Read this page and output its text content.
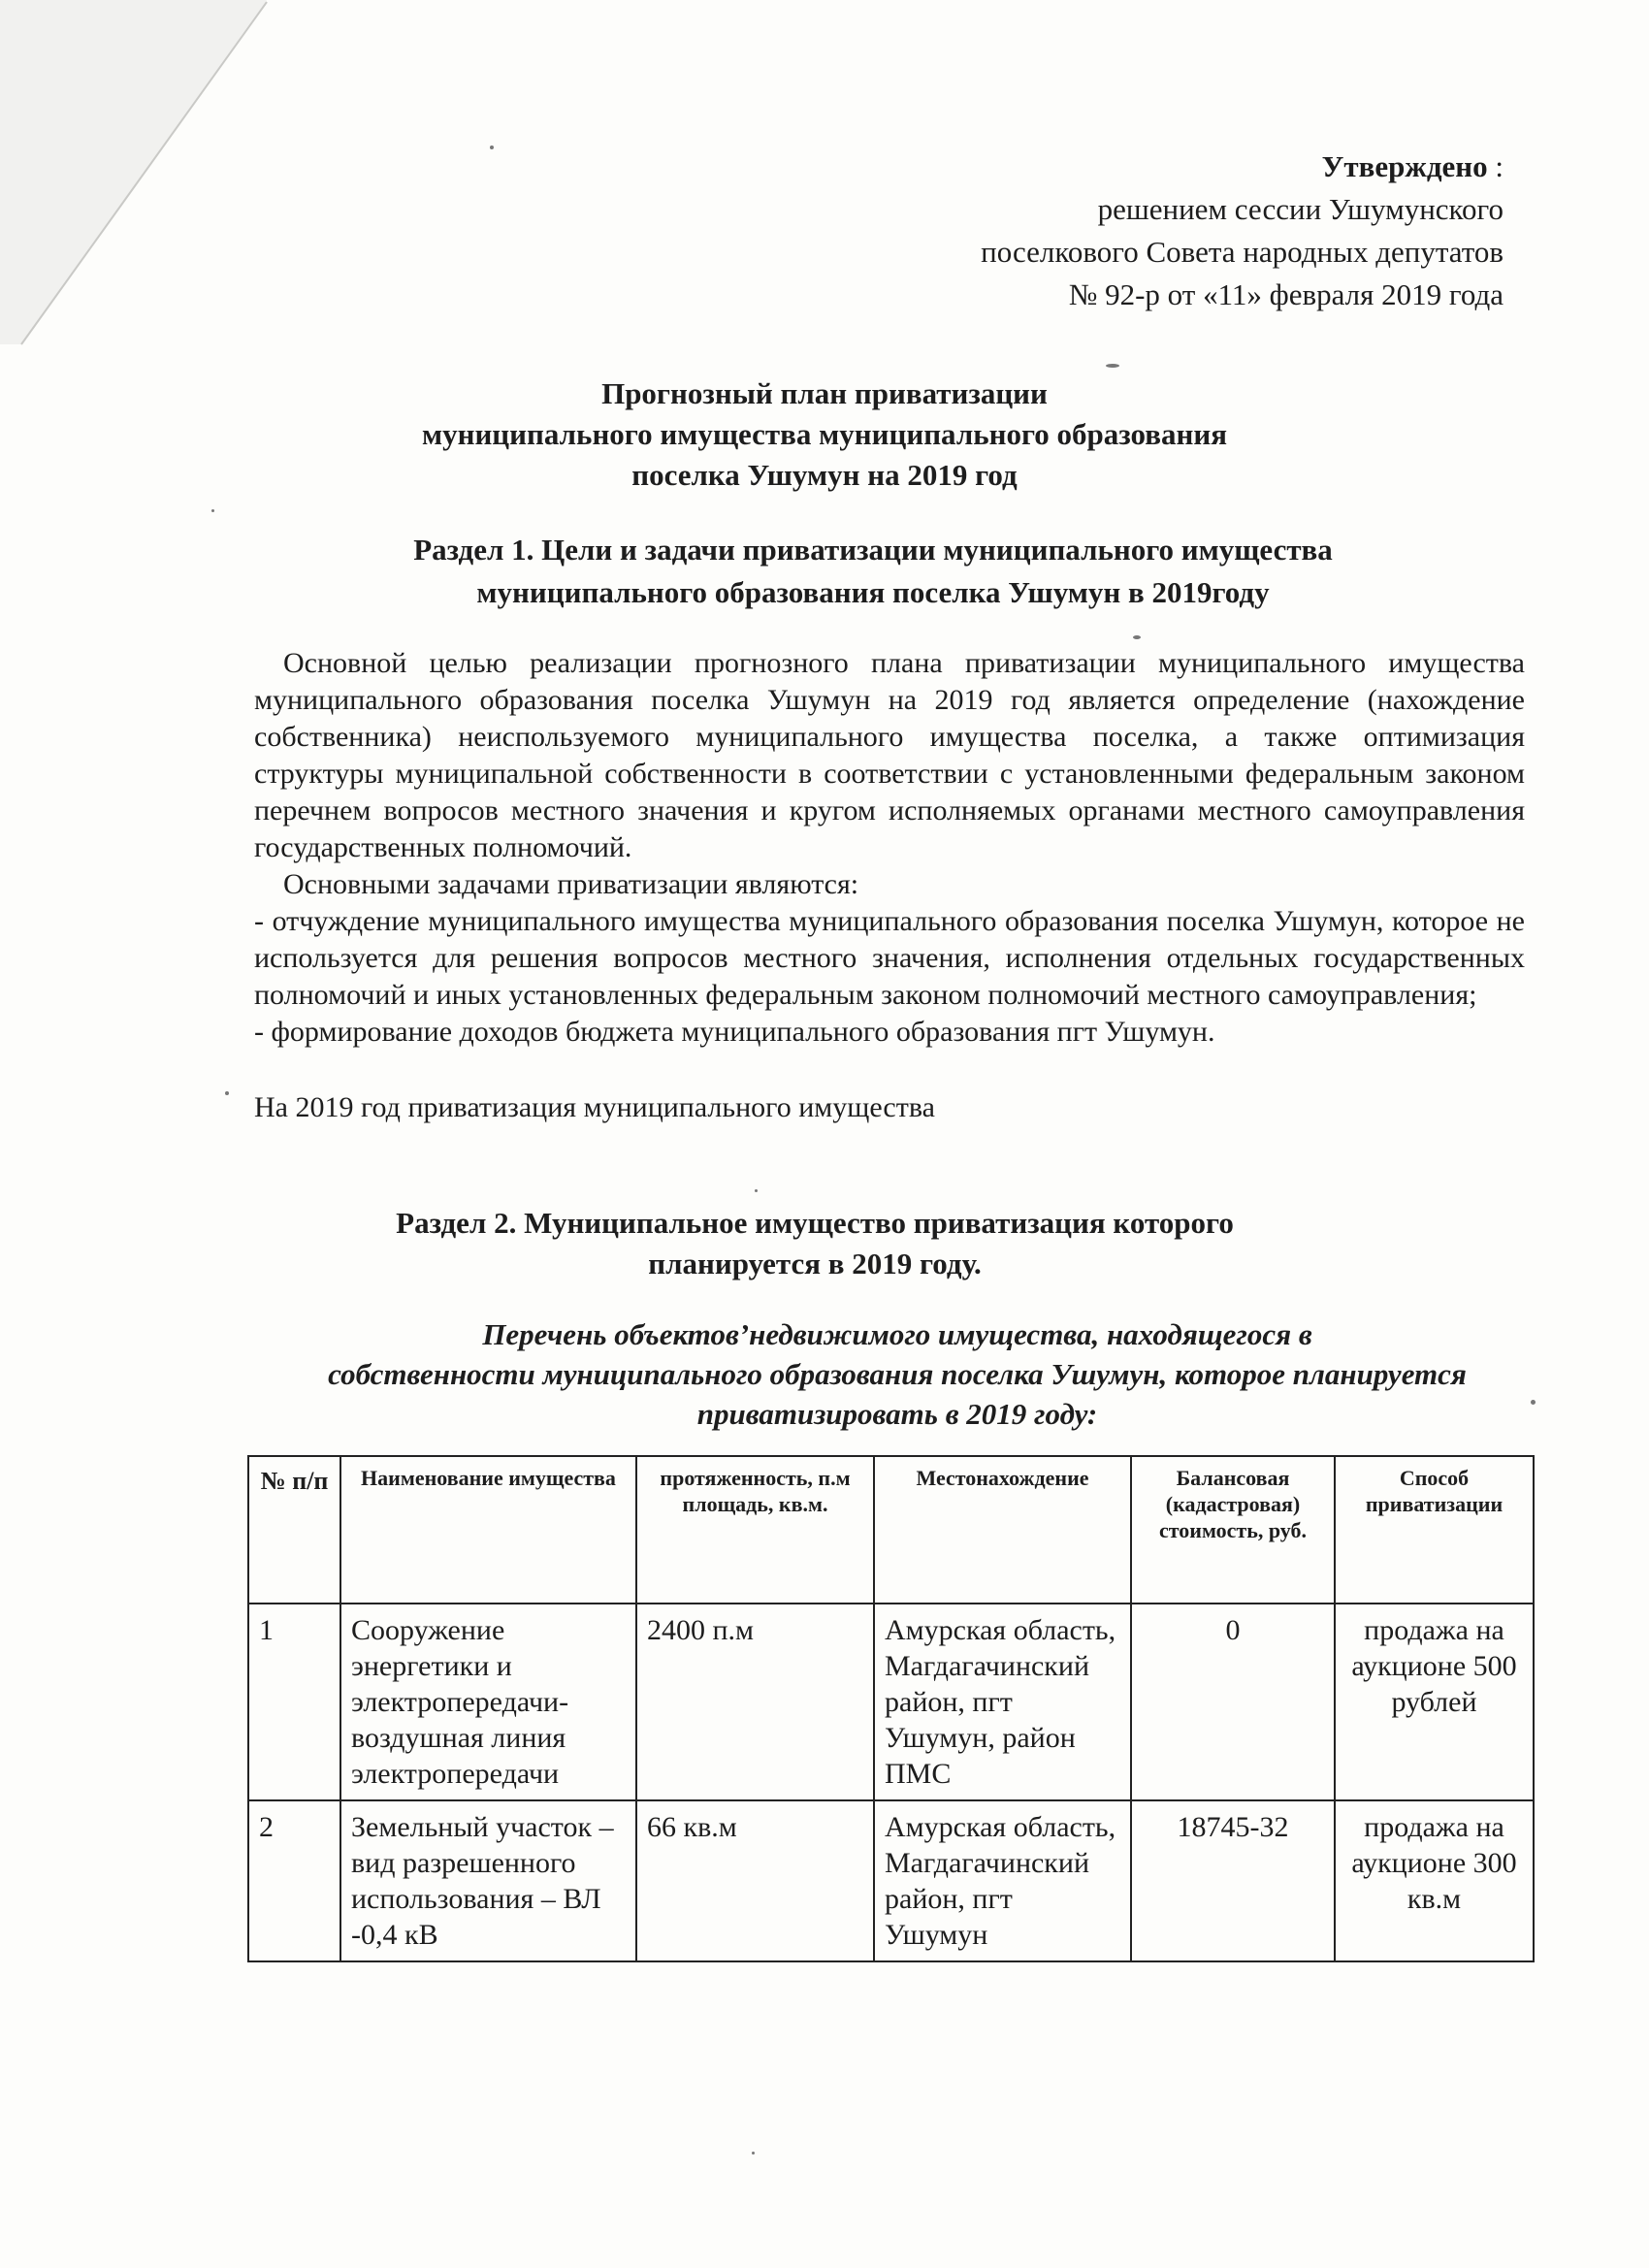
Утверждено :
решением сессии Ушумунского
поселкового Совета народных депутатов
№ 92-р от «11» февраля 2019 года
Прогнозный план приватизации
муниципального имущества муниципального образования
поселка Ушумун на 2019 год
Раздел 1. Цели и задачи приватизации муниципального имущества
муниципального образования поселка Ушумун в 2019году

Основной целью реализации прогнозного плана приватизации муниципального имущества муниципального образования поселка Ушумун на 2019 год является определение (нахождение собственника) неиспользуемого муниципального имущества поселка, а также оптимизация структуры муниципальной собственности в соответствии с установленными федеральным законом перечнем вопросов местного значения и кругом исполняемых органами местного самоуправления государственных полномочий.

Основными задачами приватизации являются:

- отчуждение муниципального имущества муниципального образования поселка Ушумун, которое не используется для решения вопросов местного значения, исполнения отдельных государственных полномочий и иных установленных федеральным законом полномочий местного самоуправления;

- формирование доходов бюджета муниципального образования пгт Ушумун.

На 2019 год приватизация муниципального имущества

Раздел 2. Муниципальное имущество приватизация которого
планируется в 2019 году.
Перечень объектов’недвижимого имущества, находящегося в
собственности муниципального образования поселка Ушумун, которое планируется
приватизировать в 2019 году:
№ п/п	Наименование имущества	протяженность, п.м площадь, кв.м.	Местонахождение	Балансовая (кадастровая) стоимость, руб.	Способ приватизации
1	Сооружение энергетики и электропередачи-воздушная линия электропередачи	2400 п.м	Амурская область, Магдагачинский район, пгт Ушумун, район ПМС	0	продажа на аукционе 500 рублей
2	Земельный участок – вид разрешенного использования – ВЛ -0,4 кВ	66 кв.м	Амурская область, Магдагачинский район, пгт Ушумун	18745-32	продажа на аукционе 300 кв.м
